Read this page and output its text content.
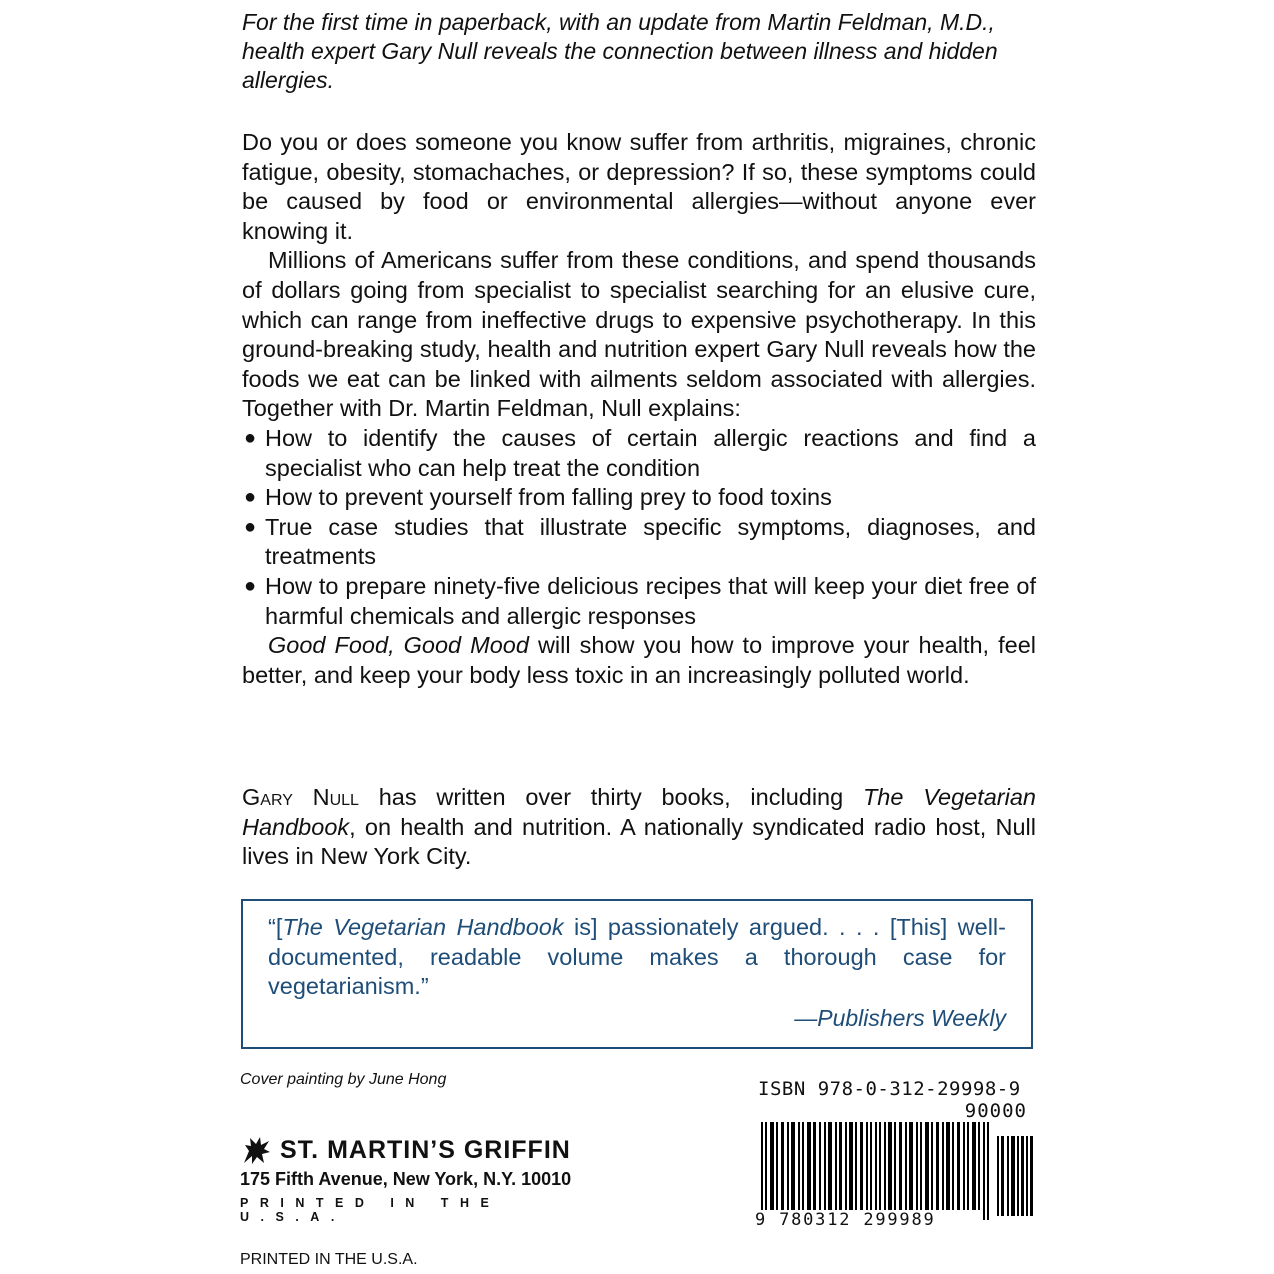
For the first time in paperback, with an update from Martin Feldman, M.D., health expert Gary Null reveals the connection between illness and hidden allergies.

Do you or does someone you know suffer from arthritis, migraines, chronic fatigue, obesity, stomachaches, or depression? If so, these symptoms could be caused by food or environmental allergies—without anyone ever knowing it.

Millions of Americans suffer from these conditions, and spend thousands of dollars going from specialist to specialist searching for an elusive cure, which can range from ineffective drugs to expensive psychotherapy. In this ground-breaking study, health and nutrition expert Gary Null reveals how the foods we eat can be linked with ailments seldom associated with allergies. Together with Dr. Martin Feldman, Null explains:

● How to identify the causes of certain allergic reactions and find a specialist who can help treat the condition
● How to prevent yourself from falling prey to food toxins
● True case studies that illustrate specific symptoms, diagnoses, and treatments
● How to prepare ninety-five delicious recipes that will keep your diet free of harmful chemicals and allergic responses

Good Food, Good Mood will show you how to improve your health, feel better, and keep your body less toxic in an increasingly polluted world.

Gary Null has written over thirty books, including The Vegetarian Handbook, on health and nutrition. A nationally syndicated radio host, Null lives in New York City.

“[The Vegetarian Handbook is] passionately argued. . . . [This] well-documented, readable volume makes a thorough case for vegetarianism.”

—Publishers Weekly
Cover painting by June Hong
ST. MARTIN’S GRIFFIN
175 Fifth Avenue, New York, N.Y. 10010
PRINTED IN THE U.S.A.
ISBN 978-0-312-29998-9
90000
9 780312 299989
PRINTED IN THE U.S.A.
